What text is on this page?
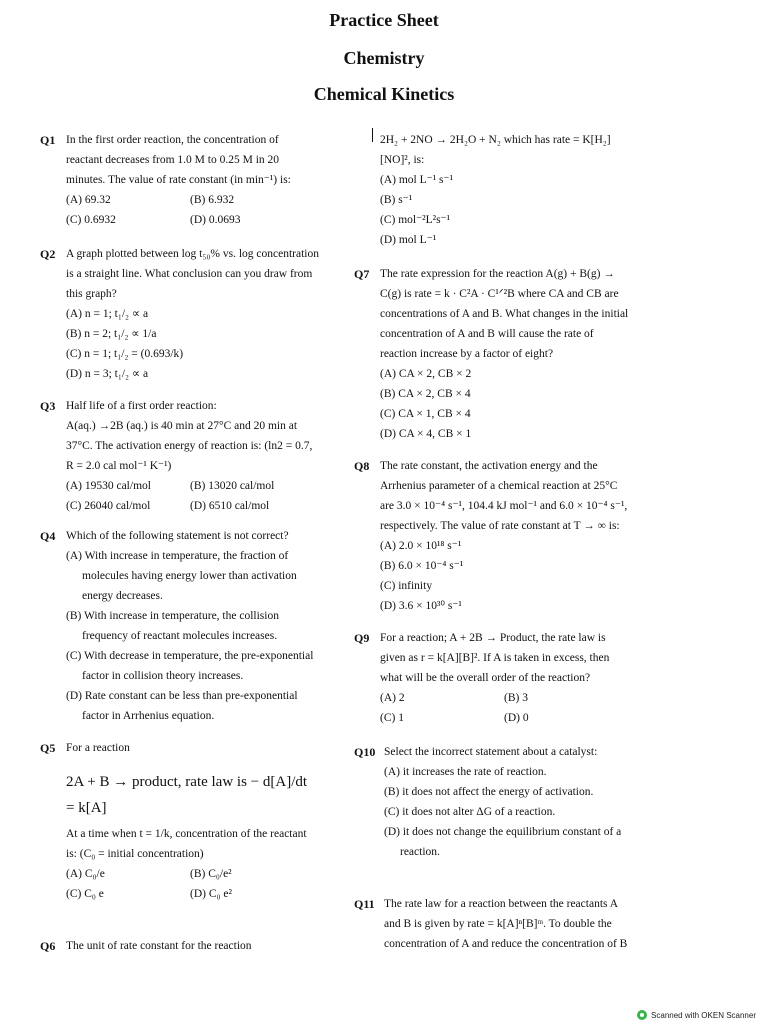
Practice Sheet
Chemistry
Chemical Kinetics
Q1 In the first order reaction, the concentration of
reactant decreases from 1.0 M to 0.25 M in 20
minutes. The value of rate constant (in min⁻¹) is:
(A) 69.32	(B) 6.932
(C) 0.6932	(D) 0.0693
Q2 A graph plotted between log t₅₀% vs. log concentration
is a straight line. What conclusion can you draw from
this graph?
(A) n = 1; t₁/₂ ∝ a
(B) n = 2; t₁/₂ ∝ 1/a
(C) n = 1; t₁/₂ = (0.693/k)
(D) n = 3; t₁/₂ ∝ a
Q3 Half life of a first order reaction:
A(aq.) →2B (aq.) is 40 min at 27°C and 20 min at
37°C. The activation energy of reaction is: (ln2 = 0.7,
R = 2.0 cal mol⁻¹ K⁻¹)
(A) 19530 cal/mol	(B) 13020 cal/mol
(C) 26040 cal/mol	(D) 6510 cal/mol
Q4 Which of the following statement is not correct?
(A) With increase in temperature, the fraction of
molecules having energy lower than activation
energy decreases.
(B) With increase in temperature, the collision
frequency of reactant molecules increases.
(C) With decrease in temperature, the pre-exponential
factor in collision theory increases.
(D) Rate constant can be less than pre-exponential
factor in Arrhenius equation.
Q5 For a reaction
2A + B → product, rate law is − d[A]/dt
= k[A]
At a time when t = 1/k, concentration of the reactant
is: (C₀ = initial concentration)
(A) C₀/e	(B) C₀/e²
(C) C₀ e	(D) C₀ e²
Q6 The unit of rate constant for the reaction
2H₂ + 2NO → 2H₂O + N₂ which has rate = K[H₂]
[NO]², is:
(A) mol L⁻¹ s⁻¹
(B) s⁻¹
(C) mol⁻²L²s⁻¹
(D) mol L⁻¹
Q7 The rate expression for the reaction A(g) + B(g) →
C(g) is rate = k · C²A · C¹ᐟ²B where CA and CB are
concentrations of A and B. What changes in the initial
concentration of A and B will cause the rate of
reaction increase by a factor of eight?
(A) CA × 2, CB × 2
(B) CA × 2, CB × 4
(C) CA × 1, CB × 4
(D) CA × 4, CB × 1
Q8 The rate constant, the activation energy and the
Arrhenius parameter of a chemical reaction at 25°C
are 3.0 × 10⁻⁴ s⁻¹, 104.4 kJ mol⁻¹ and 6.0 × 10⁻⁴ s⁻¹,
respectively. The value of rate constant at T → ∞ is:
(A) 2.0 × 10¹⁸ s⁻¹
(B) 6.0 × 10⁻⁴ s⁻¹
(C) infinity
(D) 3.6 × 10³⁰ s⁻¹
Q9 For a reaction; A + 2B → Product, the rate law is
given as r = k[A][B]². If A is taken in excess, then
what will be the overall order of the reaction?
(A) 2	(B) 3
(C) 1	(D) 0
Q10 Select the incorrect statement about a catalyst:
(A) it increases the rate of reaction.
(B) it does not affect the energy of activation.
(C) it does not alter ΔG of a reaction.
(D) it does not change the equilibrium constant of a
reaction.
Q11 The rate law for a reaction between the reactants A
and B is given by rate = k[A]ⁿ[B]ᵐ. To double the
concentration of A and reduce the concentration of B
Scanned with OKEN Scanner
